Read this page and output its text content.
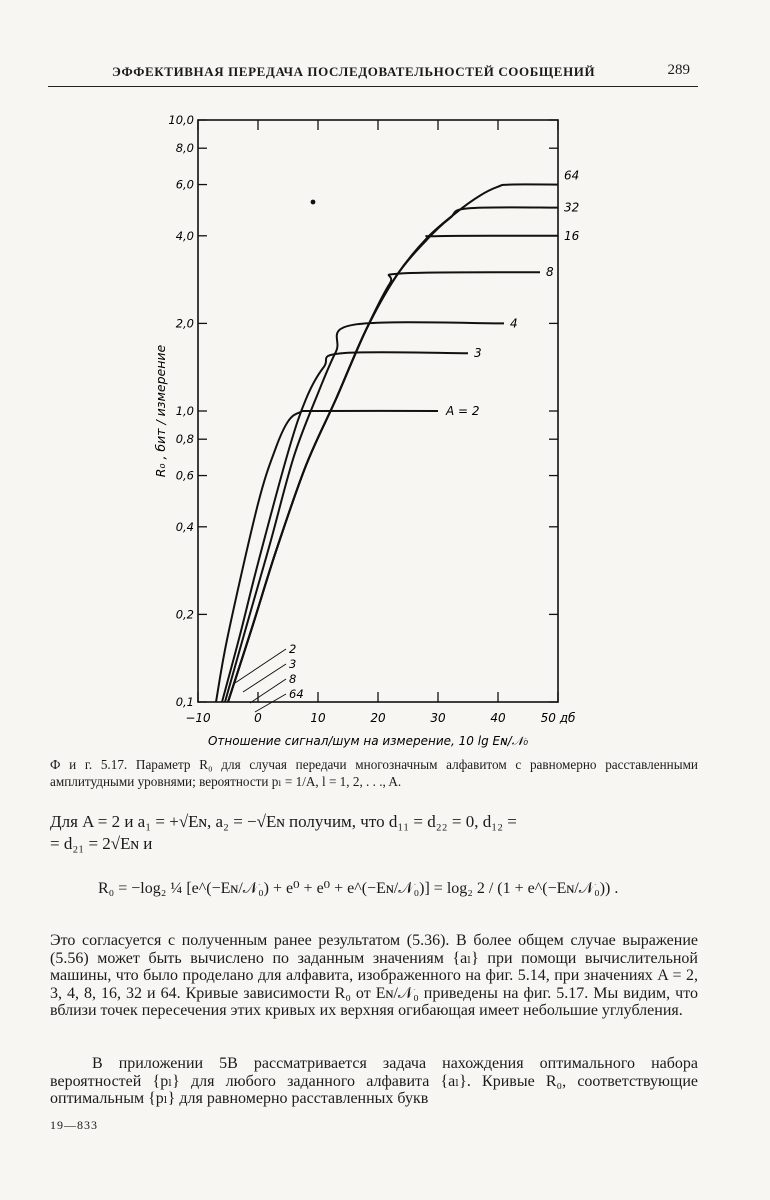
ЭФФЕКТИВНАЯ ПЕРЕДАЧА ПОСЛЕДОВАТЕЛЬНОСТЕЙ СООБЩЕНИЙ	289
−10	0	10	20	30	40	50 дб
0,1
0,2
0,4
0,6
0,8
1,0
2,0
4,0
6,0
8,0
10,0
Отношение сигнал/шум на измерение, 10 lg Eɴ/𝒩₀
R₀ , бит / измерение	A = 2
3
4
8
16
32
64
2
3
8
64
Ф и г. 5.17. Параметр R₀ для случая передачи многозначным алфавитом с равномерно расставленными амплитудными уровнями; вероятности pₗ = 1/A, l = 1, 2, . . ., A.
Для A = 2 и a₁ = +√Eɴ, a₂ = −√Eɴ получим, что d₁₁ = d₂₂ = 0, d₁₂ =
= d₂₁ = 2√Eɴ и
R₀ = −log₂ ¼ [e^(−Eɴ/𝒩₀) + e⁰ + e⁰ + e^(−Eɴ/𝒩₀)] = log₂ 2 / (1 + e^(−Eɴ/𝒩₀)) .
Это согласуется с полученным ранее результатом (5.36). В более общем случае выражение (5.56) может быть вычислено по заданным значениям {aₗ} при помощи вычислительной машины, что было проделано для алфавита, изображенного на фиг. 5.14, при значениях A = 2, 3, 4, 8, 16, 32 и 64. Кривые зависимости R₀ от Eɴ/𝒩₀ приведены на фиг. 5.17. Мы видим, что вблизи точек пересечения этих кривых их верхняя огибающая имеет небольшие углубления.
В приложении 5В рассматривается задача нахождения оптимального набора вероятностей {pₗ} для любого заданного алфавита {aₗ}. Кривые R₀, соответствующие оптимальным {pₗ} для равномерно расставленных букв
19—833
